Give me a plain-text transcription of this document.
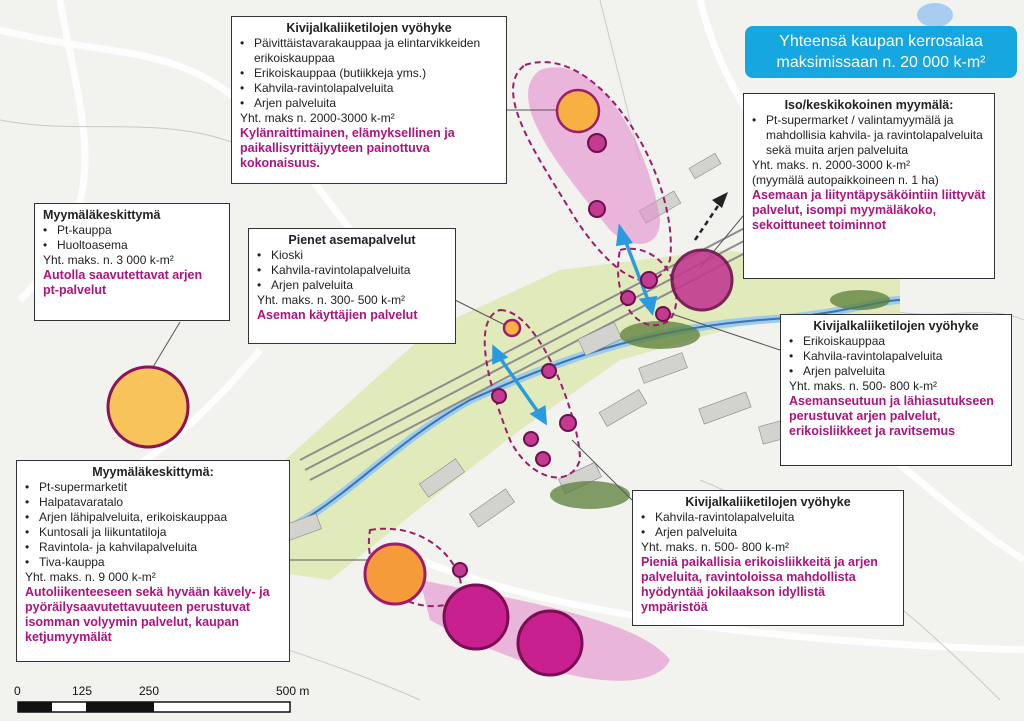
Yhteensä kaupan kerrosalaa
maksimissaan n. 20 000 k-m²
Kivijalkaliiketilojen vyöhyke
• Päivittäistavarakauppaa ja elintarvikkeiden erikoiskauppaa
• Erikoiskauppaa (butiikkeja yms.)
• Kahvila-ravintolapalveluita
• Arjen palveluita
Yht. maks n. 2000-3000 k-m²
Kylänraittimainen, elämyksellinen ja paikallisyrittäjyyteen painottuva kokonaisuus.
Myymäläkeskittymä
• Pt-kauppa
• Huoltoasema
Yht. maks. n. 3 000 k-m²
Autolla saavutettavat arjen pt-palvelut
Pienet asemapalvelut
• Kioski
• Kahvila-ravintolapalveluita
• Arjen palveluita
Yht. maks. n. 300- 500 k-m²
Aseman käyttäjien palvelut
Iso/keskikokoinen myymälä:
• Pt-supermarket / valintamyymälä ja mahdollisia kahvila- ja ravintolapalveluita sekä muita arjen palveluita
Yht. maks. n. 2000-3000 k-m²
(myymälä autopaikkoineen n. 1 ha)
Asemaan ja liityntäpysäköintiin liittyvät palvelut, isompi myymäläkoko, sekoittuneet toiminnot
Kivijalkaliiketilojen vyöhyke
• Erikoiskauppaa
• Kahvila-ravintolapalveluita
• Arjen palveluita
Yht. maks. n. 500- 800 k-m²
Asemanseutuun ja lähiasutukseen perustuvat arjen palvelut, erikoisliikkeet ja ravitsemus
Myymäläkeskittymä:
• Pt-supermarketit
• Halpatavaratalo
• Arjen lähipalveluita, erikoiskauppaa
• Kuntosali ja liikuntatiloja
• Ravintola- ja kahvilapalveluita
• Tiva-kauppa
Yht. maks. n. 9 000 k-m²
Autoliikenteeseen sekä hyvään kävely- ja pyöräilysaavutettavuuteen perustuvat isomman volyymin palvelut, kaupan ketjumyymälät
Kivijalkaliiketilojen vyöhyke
• Kahvila-ravintolapalveluita
• Arjen palveluita
Yht. maks. n. 500- 800 k-m²
Pieniä paikallisia erikoisliikkeitä ja arjen palveluita, ravintoloissa mahdollista hyödyntää jokilaakson idyllistä ympäristöä
0	125	250	500 m
